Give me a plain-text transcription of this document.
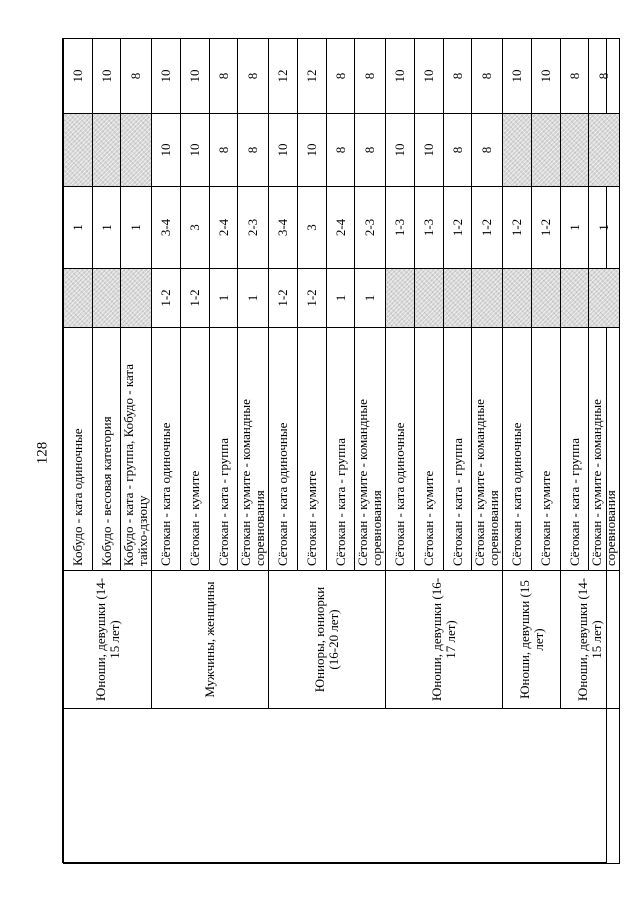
128
	Юноши, девушки (14-15 лет)	Кобудо - ката одиночные		1		10
		Кобудо - весовая категория		1		10
		Кобудо - ката - группа, Кобудо - ката тайхо-дзюцу		1		8
	Мужчины, женщины	Сётокан - ката одиночные	1-2	3-4	10	10
		Сётокан - кумите	1-2	3	10	10
		Сётокан - ката - группа	1	2-4	8	8
		Сётокан - кумите - командные соревнования	1	2-3	8	8
	Юниоры, юниорки (16-20 лет)	Сётокан - ката одиночные	1-2	3-4	10	12
		Сётокан - кумите	1-2	3	10	12
		Сётокан - ката - группа	1	2-4	8	8
		Сётокан - кумите - командные соревнования	1	2-3	8	8
	Юноши, девушки (16-17 лет)	Сётокан - ката одиночные		1-3	10	10
		Сётокан - кумите		1-3	10	10
		Сётокан - ката - группа		1-2	8	8
		Сётокан - кумите - командные соревнования		1-2	8	8
	Юноши, девушки (15 лет)	Сётокан - ката одиночные		1-2		10
		Сётокан - кумите		1-2		10
	Юноши, девушки (14-15 лет)	Сётокан - ката - группа		1		8
		Сётокан - кумите - командные соревнования		1		8
